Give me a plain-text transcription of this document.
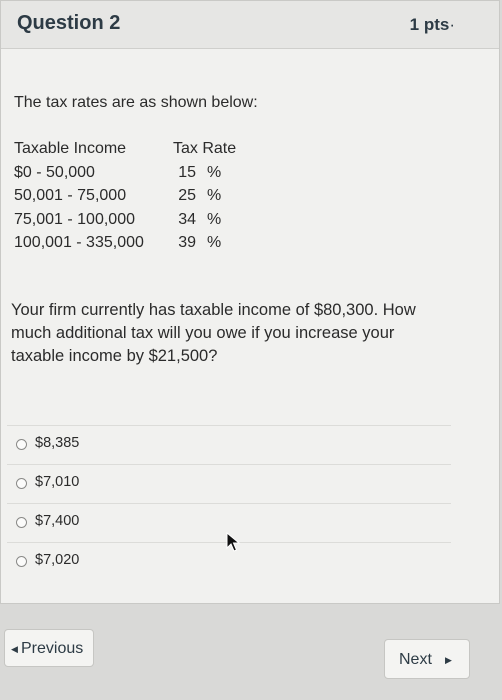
Question 2	1 pts·
The tax rates are as shown below:
Taxable Income	Tax Rate
$0 - 50,000	15 %
50,001 - 75,000	25 %
75,001 - 100,000	34 %
100,001 - 335,000 39 %
Your firm currently has taxable income of $80,300. How much additional tax will you owe if you increase your taxable income by $21,500?
$8,385
$7,010
$7,400
$7,020
◀ Previous
Next ▶
